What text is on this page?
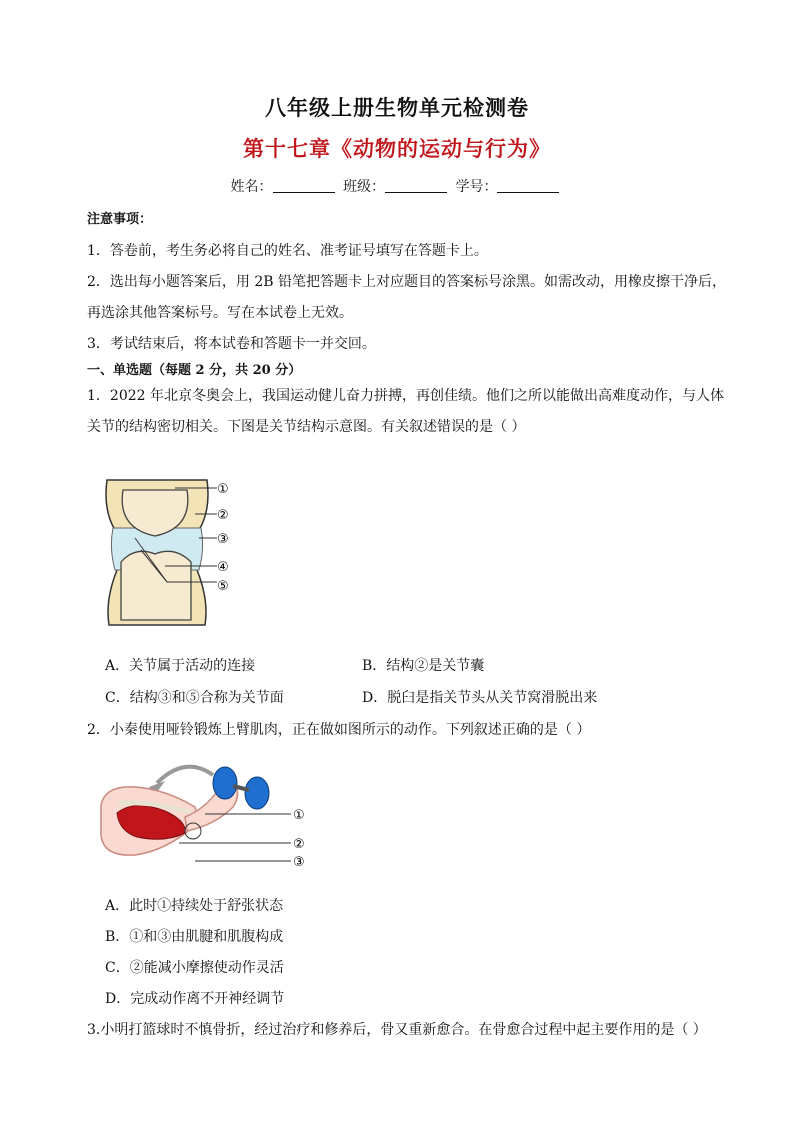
八年级上册生物单元检测卷
第十七章《动物的运动与行为》
姓名：	班级：	学号：
注意事项：
1．答卷前，考生务必将自己的姓名、准考证号填写在答题卡上。
2．选出每小题答案后，用 2B 铅笔把答题卡上对应题目的答案标号涂黑。如需改动，用橡皮擦干净后，
再选涂其他答案标号。写在本试卷上无效。
3．考试结束后，将本试卷和答题卡一并交回。
一、单选题（每题 2 分，共 20 分）
1．2022 年北京冬奥会上，我国运动健儿奋力拼搏，再创佳绩。他们之所以能做出高难度动作，与人体
关节的结构密切相关。下图是关节结构示意图。有关叙述错误的是（ ）
①
②
③
④
⑤
A．关节属于活动的连接	B．结构②是关节囊
C．结构③和⑤合称为关节面	D．脱臼是指关节头从关节窝滑脱出来
2．小秦使用哑铃锻炼上臂肌肉，正在做如图所示的动作。下列叙述正确的是（ ）
①
②
③
A．此时①持续处于舒张状态
B．①和③由肌腱和肌腹构成
C．②能减小摩擦使动作灵活
D．完成动作离不开神经调节
3.小明打篮球时不慎骨折，经过治疗和修养后，骨又重新愈合。在骨愈合过程中起主要作用的是（ ）
